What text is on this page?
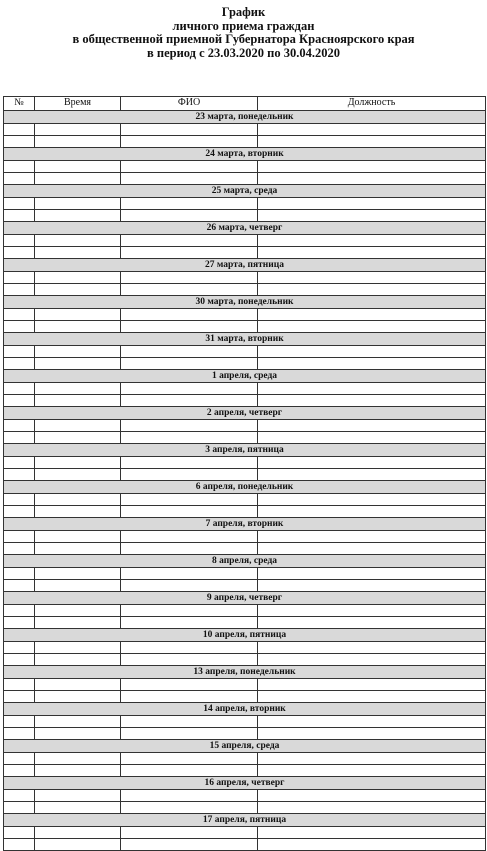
График
личного приема граждан
в общественной приемной Губернатора Красноярского края
в период с 23.03.2020 по 30.04.2020
№	Время	ФИО	Должность
23 марта, понедельник			

24 марта, вторник			

25 марта, среда			

26 марта, четверг			

27 марта, пятница			

30 марта, понедельник			

31 марта, вторник			

1 апреля, среда			

2 апреля, четверг			

3 апреля, пятница			

6 апреля, понедельник			

7 апреля, вторник			

8 апреля, среда			

9 апреля, четверг			

10 апреля, пятница			

13 апреля, понедельник			

14 апреля, вторник			

15 апреля, среда			

16 апреля, четверг			

17 апреля, пятница			
